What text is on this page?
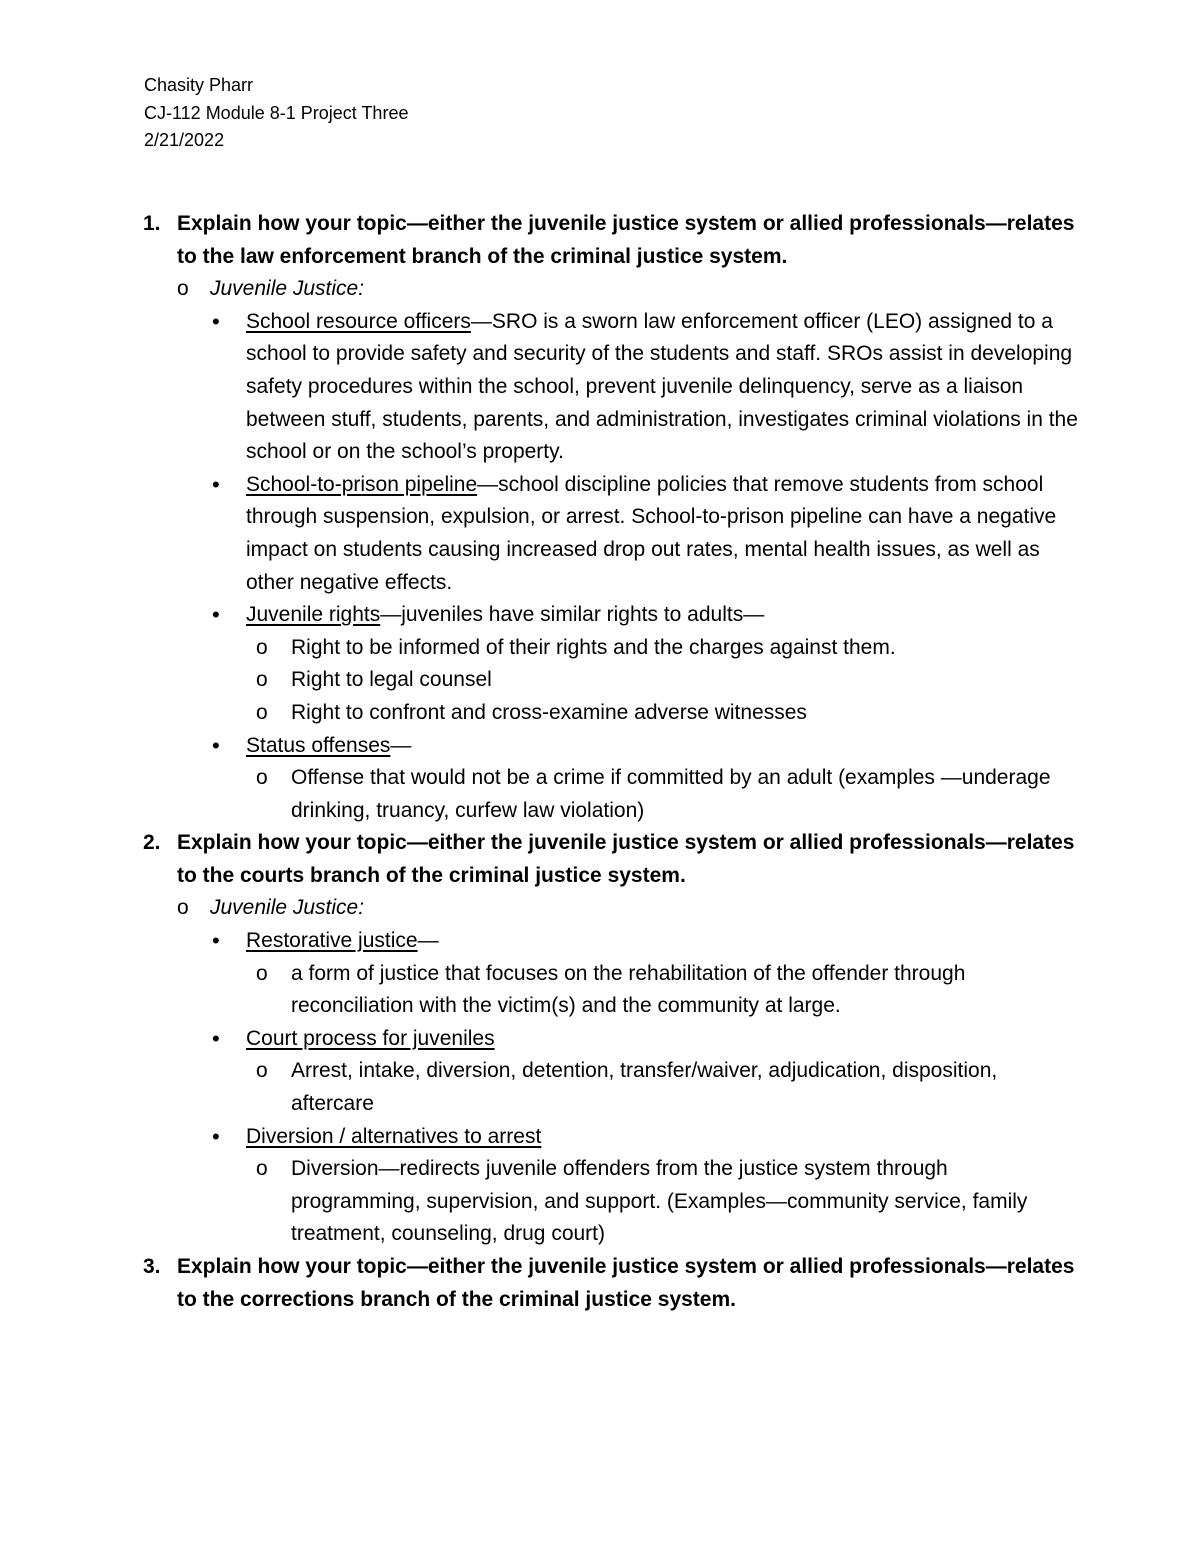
Chasity Pharr
CJ-112 Module 8-1 Project Three
2/21/2022
1. Explain how your topic—either the juvenile justice system or allied professionals—relates to the law enforcement branch of the criminal justice system.
o Juvenile Justice:
• School resource officers—SRO is a sworn law enforcement officer (LEO) assigned to a school to provide safety and security of the students and staff. SROs assist in developing safety procedures within the school, prevent juvenile delinquency, serve as a liaison between stuff, students, parents, and administration, investigates criminal violations in the school or on the school’s property.
• School-to-prison pipeline—school discipline policies that remove students from school through suspension, expulsion, or arrest. School-to-prison pipeline can have a negative impact on students causing increased drop out rates, mental health issues, as well as other negative effects.
• Juvenile rights—juveniles have similar rights to adults—
o Right to be informed of their rights and the charges against them.
o Right to legal counsel
o Right to confront and cross-examine adverse witnesses
• Status offenses—
o Offense that would not be a crime if committed by an adult (examples —underage drinking, truancy, curfew law violation)
2. Explain how your topic—either the juvenile justice system or allied professionals—relates to the courts branch of the criminal justice system.
o Juvenile Justice:
• Restorative justice—
o a form of justice that focuses on the rehabilitation of the offender through reconciliation with the victim(s) and the community at large.
• Court process for juveniles
o Arrest, intake, diversion, detention, transfer/waiver, adjudication, disposition, aftercare
• Diversion / alternatives to arrest
o Diversion—redirects juvenile offenders from the justice system through programming, supervision, and support. (Examples—community service, family treatment, counseling, drug court)
3. Explain how your topic—either the juvenile justice system or allied professionals—relates to the corrections branch of the criminal justice system.
